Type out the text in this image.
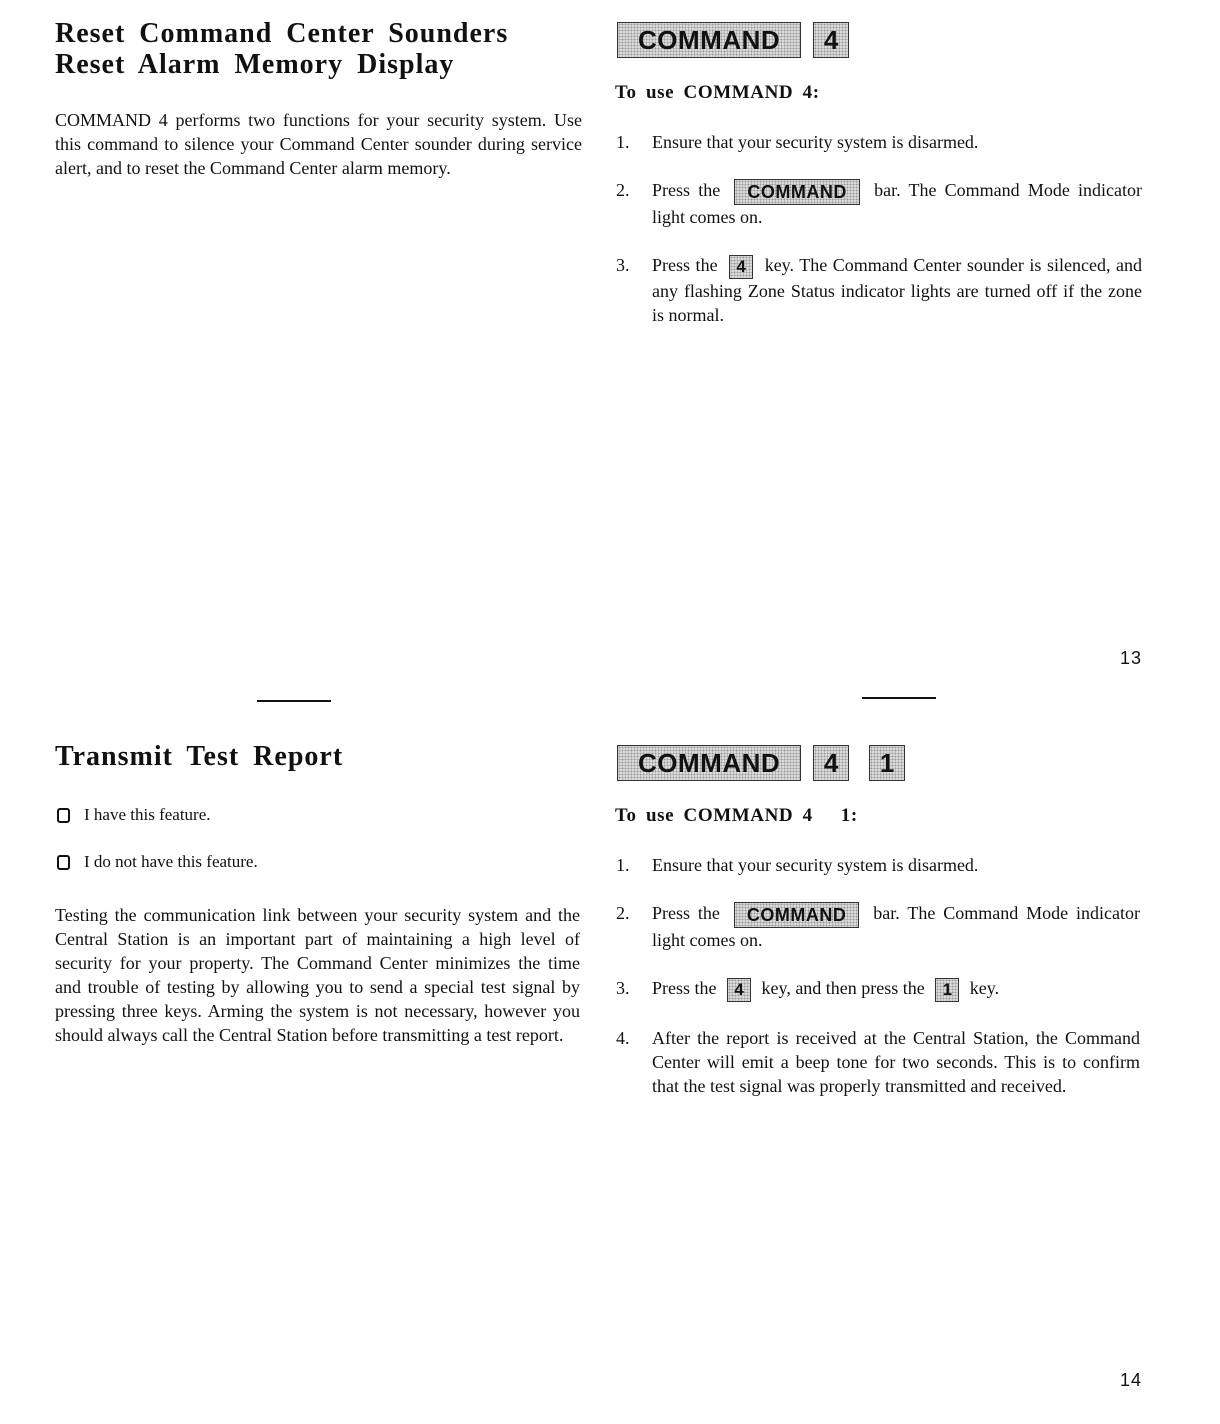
Reset Command Center Sounders
Reset Alarm Memory Display

COMMAND 4 performs two functions for your security system. Use this command to silence your Command Center sounder during service alert, and to reset the Command Center alarm memory.

COMMAND	4
To use COMMAND 4:
1. Ensure that your security system is disarmed.
2. Press the COMMAND bar. The Command Mode indicator light comes on.
3. Press the 4 key. The Command Center sounder is silenced, and any flashing Zone Status indicator lights are turned off if the zone is normal.
13
Transmit Test Report
I have this feature.
I do not have this feature.

Testing the communication link between your security system and the Central Station is an important part of maintaining a high level of security for your property. The Command Center minimizes the time and trouble of testing by allowing you to send a special test signal by pressing three keys. Arming the system is not necessary, however you should always call the Central Station before transmitting a test report.

COMMAND	4	1
To use COMMAND 4   1:
1. Ensure that your security system is disarmed.
2. Press the COMMAND bar. The Command Mode indicator light comes on.
3. Press the 4 key, and then press the 1 key.
4. After the report is received at the Central Station, the Command Center will emit a beep tone for two seconds. This is to confirm that the test signal was properly transmitted and received.
14
